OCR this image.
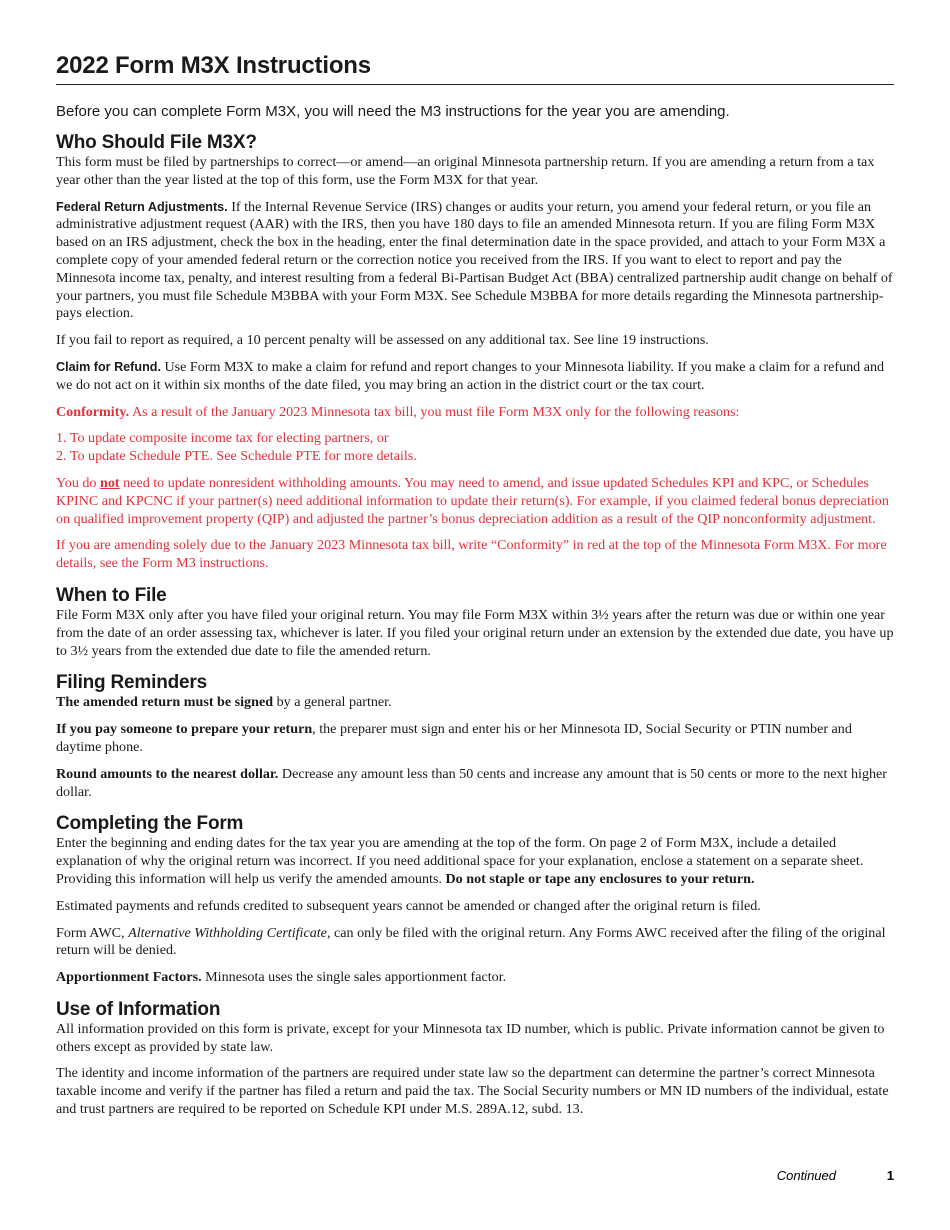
2022 Form M3X Instructions
Before you can complete Form M3X, you will need the M3 instructions for the year you are amending.
Who Should File M3X?

This form must be filed by partnerships to correct—or amend—an original Minnesota partnership return. If you are amending a return from a tax year other than the year listed at the top of this form, use the Form M3X for that year.

Federal Return Adjustments. If the Internal Revenue Service (IRS) changes or audits your return, you amend your federal return, or you file an administrative adjustment request (AAR) with the IRS, then you have 180 days to file an amended Minnesota return. If you are filing Form M3X based on an IRS adjustment, check the box in the heading, enter the final determination date in the space provided, and attach to your Form M3X a complete copy of your amended federal return or the correction notice you received from the IRS. If you want to elect to report and pay the Minnesota income tax, penalty, and interest resulting from a federal Bi-Partisan Budget Act (BBA) centralized partnership audit change on behalf of your partners, you must file Schedule M3BBA with your Form M3X. See Schedule M3BBA for more details regarding the Minnesota partnership-pays election.

If you fail to report as required, a 10 percent penalty will be assessed on any additional tax. See line 19 instructions.

Claim for Refund. Use Form M3X to make a claim for refund and report changes to your Minnesota liability. If you make a claim for a refund and we do not act on it within six months of the date filed, you may bring an action in the district court or the tax court.

Conformity. As a result of the January 2023 Minnesota tax bill, you must file Form M3X only for the following reasons:

1. To update composite income tax for electing partners, or

2. To update Schedule PTE. See Schedule PTE for more details.

You do not need to update nonresident withholding amounts. You may need to amend, and issue updated Schedules KPI and KPC, or Schedules KPINC and KPCNC if your partner(s) need additional information to update their return(s). For example, if you claimed federal bonus depreciation on qualified improvement property (QIP) and adjusted the partner’s bonus depreciation addition as a result of the QIP nonconformity adjustment.

If you are amending solely due to the January 2023 Minnesota tax bill, write “Conformity” in red at the top of the Minnesota Form M3X. For more details, see the Form M3 instructions.

When to File

File Form M3X only after you have filed your original return. You may file Form M3X within 3½ years after the return was due or within one year from the date of an order assessing tax, whichever is later. If you filed your original return under an extension by the extended due date, you have up to 3½ years from the extended due date to file the amended return.

Filing Reminders

The amended return must be signed by a general partner.

If you pay someone to prepare your return, the preparer must sign and enter his or her Minnesota ID, Social Security or PTIN number and daytime phone.

Round amounts to the nearest dollar. Decrease any amount less than 50 cents and increase any amount that is 50 cents or more to the next higher dollar.

Completing the Form

Enter the beginning and ending dates for the tax year you are amending at the top of the form. On page 2 of Form M3X, include a detailed explanation of why the original return was incorrect. If you need additional space for your explanation, enclose a statement on a separate sheet. Providing this information will help us verify the amended amounts. Do not staple or tape any enclosures to your return.

Estimated payments and refunds credited to subsequent years cannot be amended or changed after the original return is filed.

Form AWC, Alternative Withholding Certificate, can only be filed with the original return. Any Forms AWC received after the filing of the original return will be denied.

Apportionment Factors. Minnesota uses the single sales apportionment factor.

Use of Information

All information provided on this form is private, except for your Minnesota tax ID number, which is public. Private information cannot be given to others except as provided by state law.

The identity and income information of the partners are required under state law so the department can determine the partner’s correct Minnesota taxable income and verify if the partner has filed a return and paid the tax. The Social Security numbers or MN ID numbers of the individual, estate and trust partners are required to be reported on Schedule KPI under M.S. 289A.12, subd. 13.

Continued	1
